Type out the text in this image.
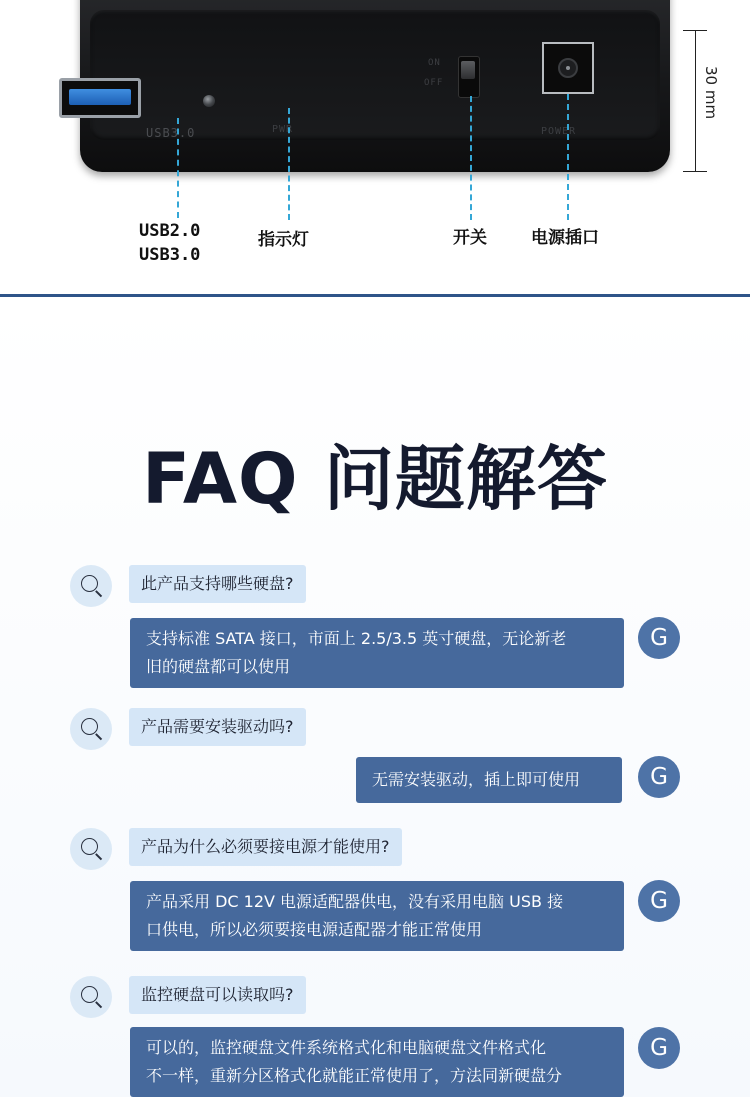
USB3.0	PWR
ON
OFF
POWER
USB2.0
USB3.0
指示灯	开关	电源插口
30 mm
FAQ 问题解答
此产品支持哪些硬盘?
支持标准 SATA 接口，市面上 2.5/3.5 英寸硬盘，无论新老
旧的硬盘都可以使用
G
产品需要安装驱动吗?
无需安装驱动，插上即可使用	G
产品为什么必须要接电源才能使用?
产品采用 DC 12V 电源适配器供电，没有采用电脑 USB 接
口供电，所以必须要接电源适配器才能正常使用
G
监控硬盘可以读取吗?
可以的，监控硬盘文件系统格式化和电脑硬盘文件格式化
不一样，重新分区格式化就能正常使用了，方法同新硬盘分
G
